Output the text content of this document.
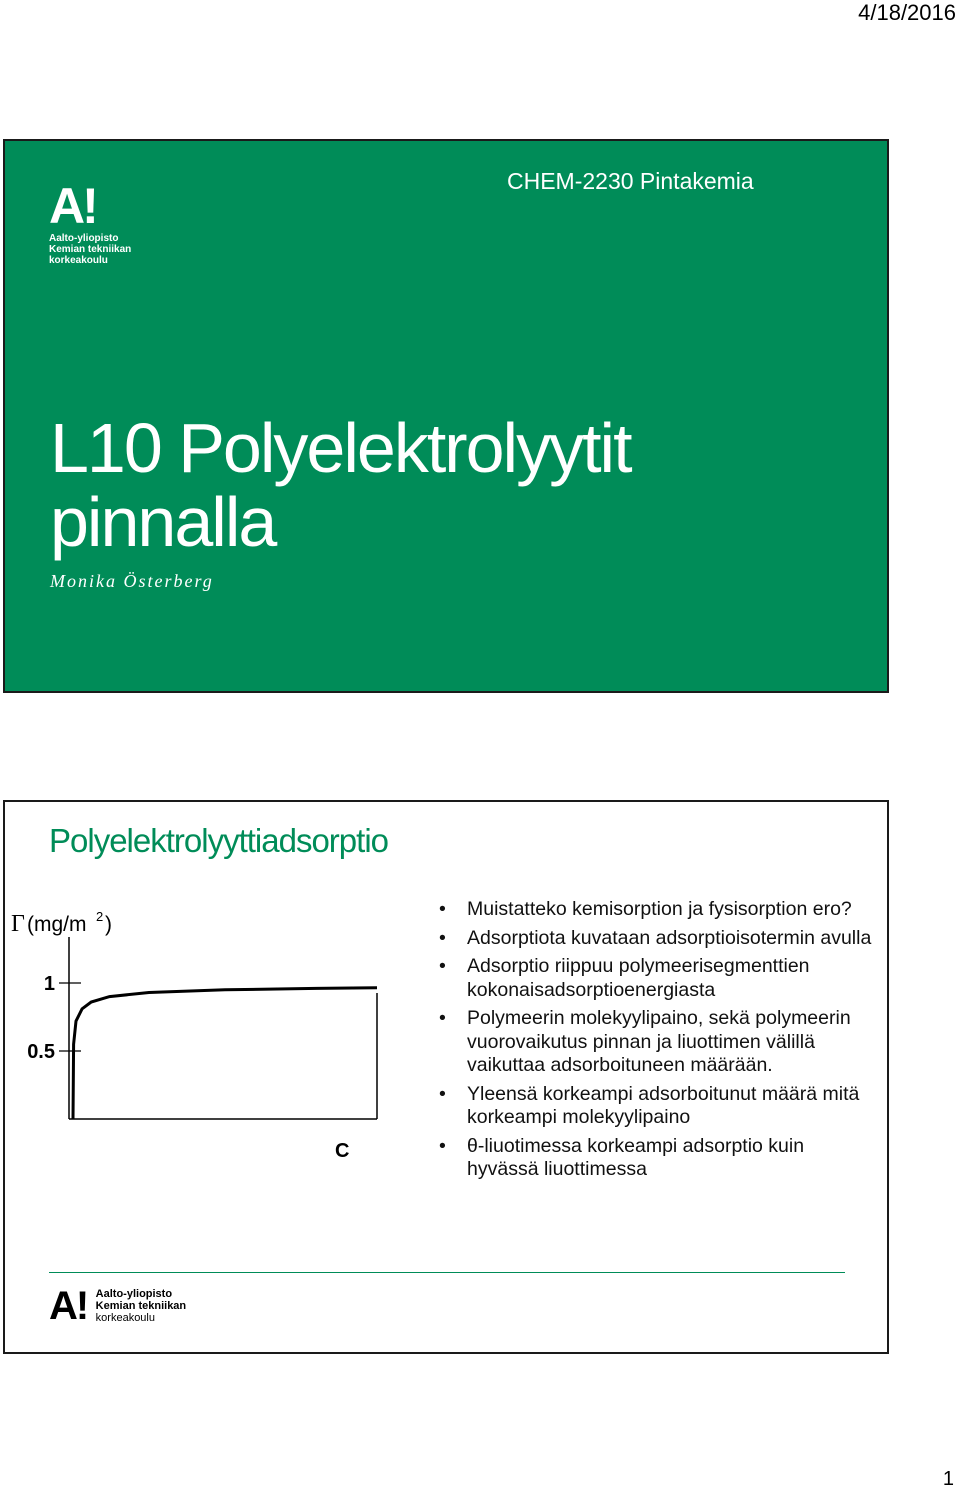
4/18/2016
A!
Aalto-yliopisto
Kemian tekniikan
korkeakoulu
CHEM-2230 Pintakemia
L10 Polyelektrolyytit
pinnalla
Monika Österberg
Polyelektrolyyttiadsorptio
Γ (mg/m 2 )
1
0.5
C
• Muistatteko kemisorption ja fysisorption ero?
• Adsorptiota kuvataan adsorptioisotermin avulla
• Adsorptio riippuu polymeerisegmenttien kokonaisadsorptioenergiasta
• Polymeerin molekyylipaino, sekä polymeerin vuorovaikutus pinnan ja liuottimen välillä vaikuttaa adsorboituneen määrään.
• Yleensä korkeampi adsorboitunut määrä mitä korkeampi molekyylipaino
• θ-liuotimessa korkeampi adsorptio kuin hyvässä liuottimessa
A! Aalto-yliopisto
Kemian tekniikan
korkeakoulu
1
